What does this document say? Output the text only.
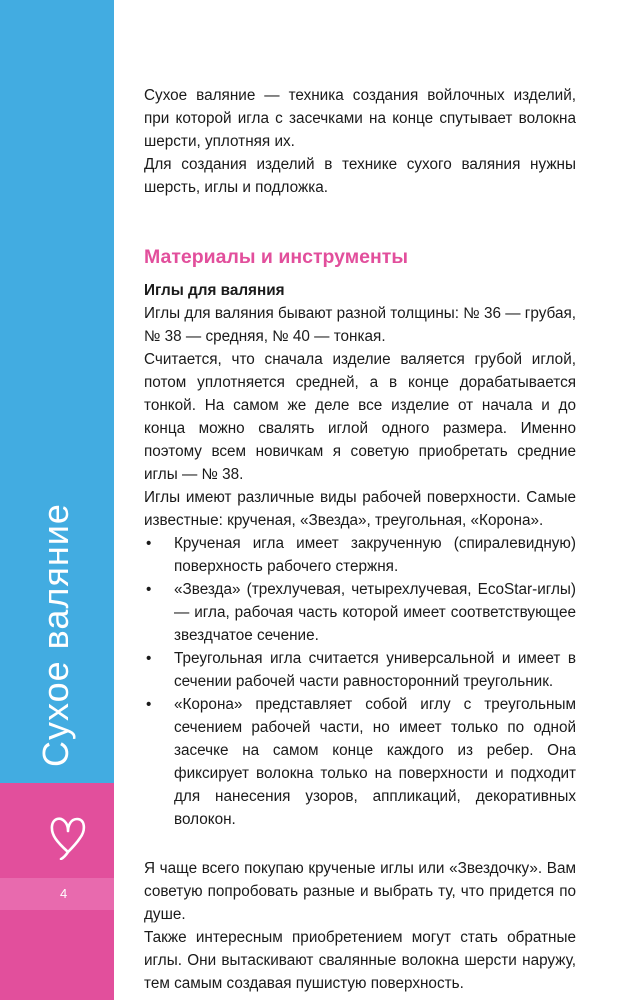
Сухое валяние
4

Сухое валяние — техника создания войлочных изделий, при которой игла с засечками на конце спутывает волокна шерсти, уплотняя их.

Для создания изделий в технике сухого валяния нужны шерсть, иглы и подложка.

Материалы и инструменты

Иглы для валяния

Иглы для валяния бывают разной толщины: № 36 — грубая, № 38 — средняя, № 40 — тонкая.

Считается, что сначала изделие валяется грубой иглой, потом уплотняется средней, а в конце дорабатывается тонкой. На самом же деле все изделие от начала и до конца можно свалять иглой одного размера. Именно поэтому всем новичкам я советую приобретать средние иглы — № 38.

Иглы имеют различные виды рабочей поверхности. Самые известные: крученая, «Звезда», треугольная, «Корона».

• Крученая игла имеет закрученную (спиралевидную) поверхность рабочего стержня.
• «Звезда» (трехлучевая, четырехлучевая, EcoStar-иглы) — игла, рабочая часть которой имеет соответствующее звездчатое сечение.
• Треугольная игла считается универсальной и имеет в сечении рабочей части равносторонний треугольник.
• «Корона» представляет собой иглу с треугольным сечением рабочей части, но имеет только по одной засечке на самом конце каждого из ребер. Она фиксирует волокна только на поверхности и подходит для нанесения узоров, аппликаций, декоративных волокон.

Я чаще всего покупаю крученые иглы или «Звездочку». Вам советую попробовать разные и выбрать ту, что придется по душе.

Также интересным приобретением могут стать обратные иглы. Они вытаскивают свалянные волокна шерсти наружу, тем самым создавая пушистую поверхность.
